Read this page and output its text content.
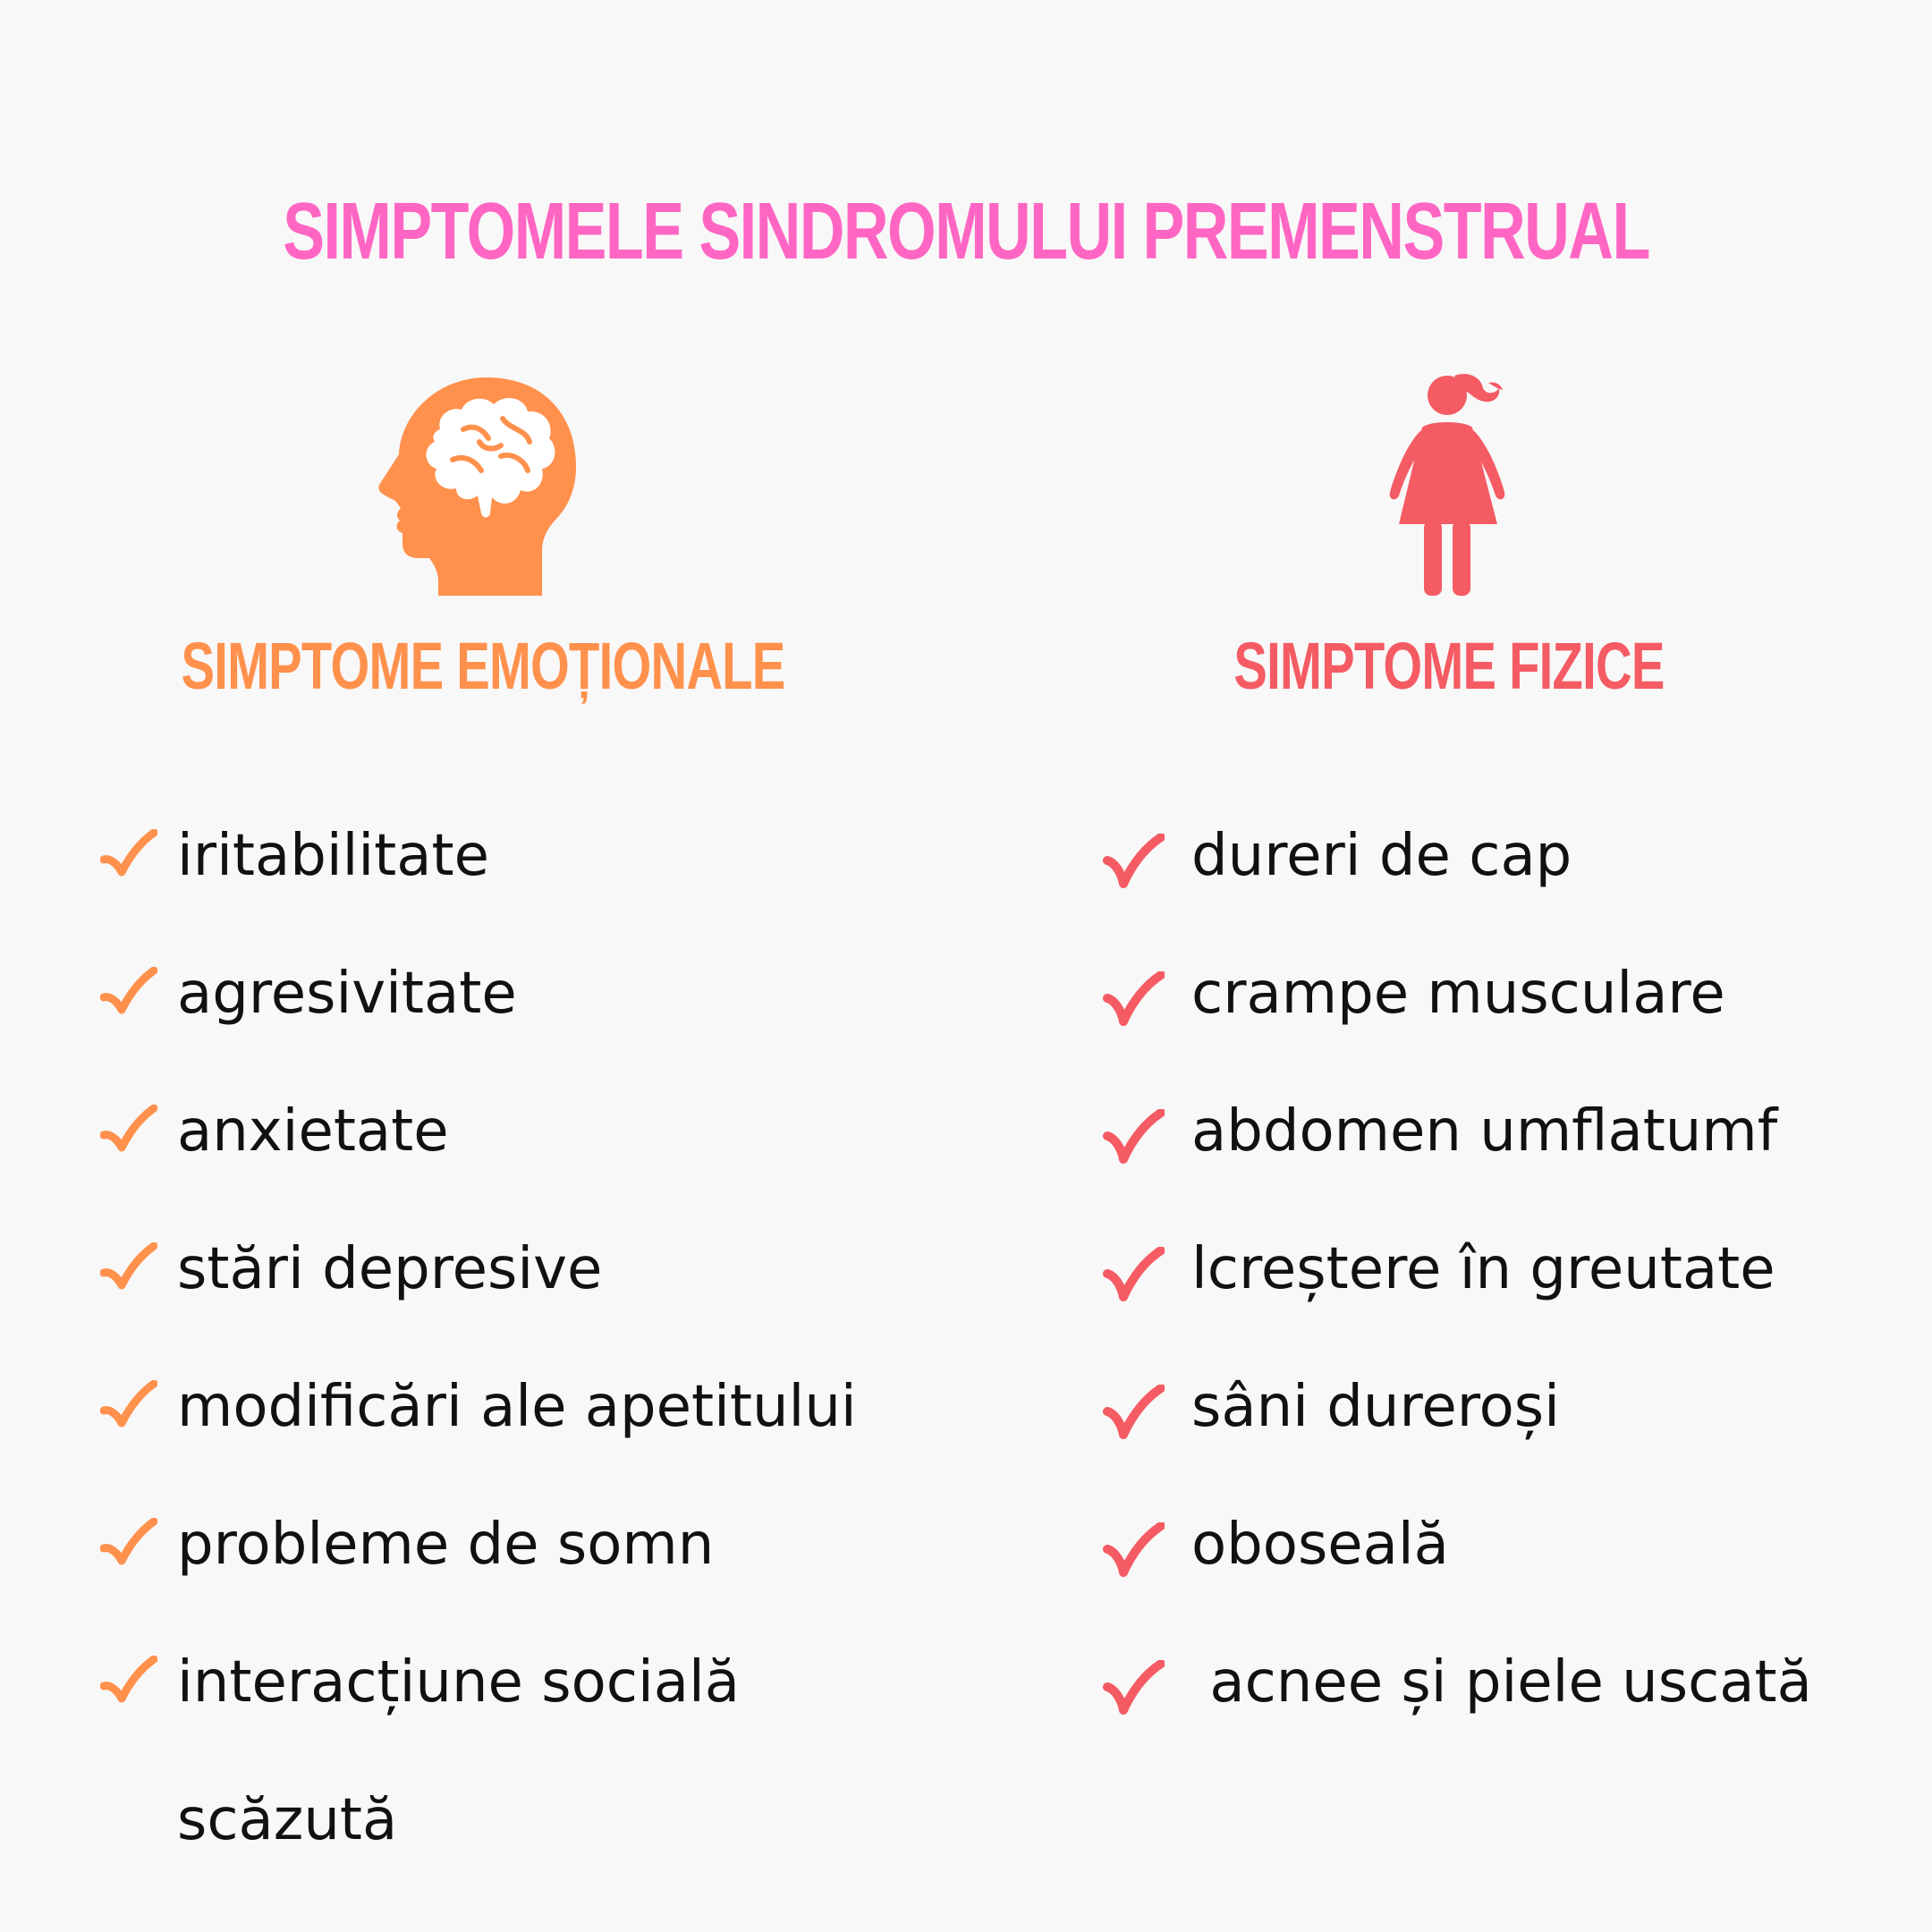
SIMPTOMELE SINDROMULUI PREMENSTRUAL
SIMPTOME EMOȚIONALE	SIMPTOME FIZICE
iritabilitate
agresivitate
anxietate
stări depresive
modificări ale apetitului
probleme de somn
interacțiune socială scăzută
dureri de cap
crampe musculare
abdomen umflatumf
lcreștere în greutate
sâni dureroși
oboseală
acnee și piele uscată
